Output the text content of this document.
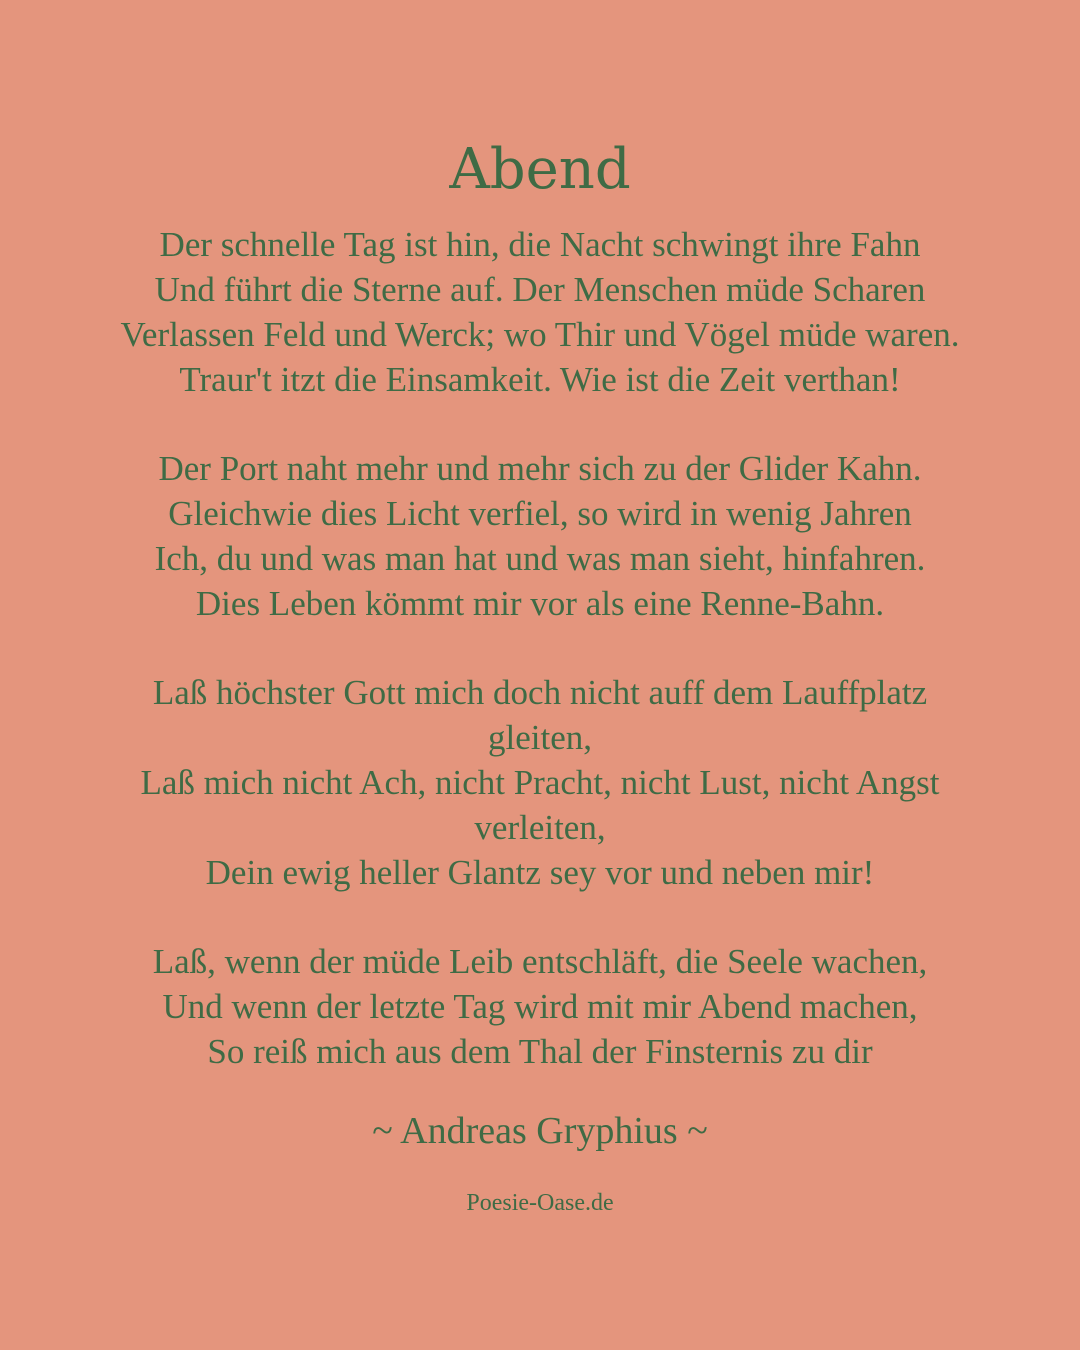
Abend
Der schnelle Tag ist hin, die Nacht schwingt ihre Fahn
Und führt die Sterne auf. Der Menschen müde Scharen
Verlassen Feld und Werck; wo Thir und Vögel müde waren.
Traur't itzt die Einsamkeit. Wie ist die Zeit verthan!
Der Port naht mehr und mehr sich zu der Glider Kahn.
Gleichwie dies Licht verfiel, so wird in wenig Jahren
Ich, du und was man hat und was man sieht, hinfahren.
Dies Leben kömmt mir vor als eine Renne-Bahn.
Laß höchster Gott mich doch nicht auff dem Lauffplatz
gleiten,
Laß mich nicht Ach, nicht Pracht, nicht Lust, nicht Angst
verleiten,
Dein ewig heller Glantz sey vor und neben mir!
Laß, wenn der müde Leib entschläft, die Seele wachen,
Und wenn der letzte Tag wird mit mir Abend machen,
So reiß mich aus dem Thal der Finsternis zu dir
~ Andreas Gryphius ~
Poesie-Oase.de
